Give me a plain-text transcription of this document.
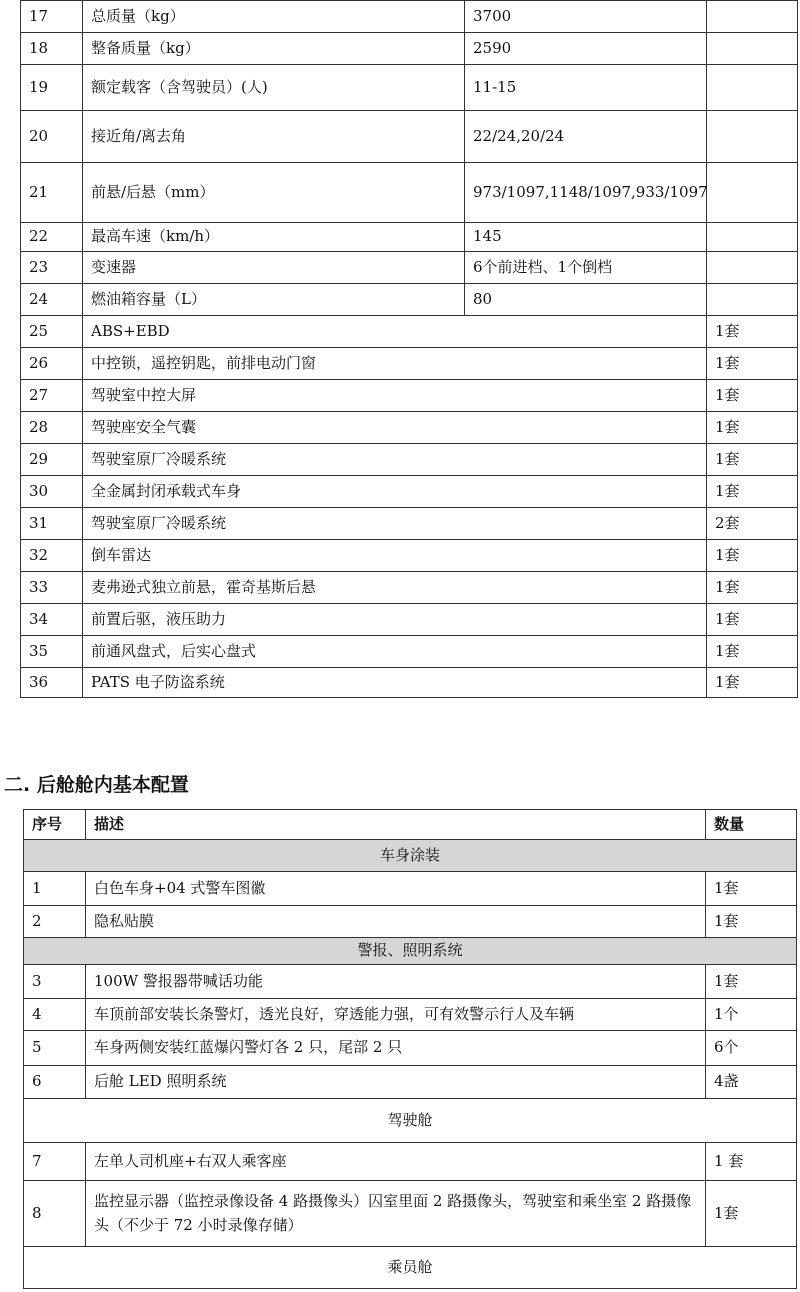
17	总质量（kg）	3700	
18	整备质量（kg）	2590	
19	额定载客（含驾驶员）(人)	11-15	
20	接近角/离去角	22/24,20/24	
21	前悬/后悬（mm）	973/1097,1148/1097,933/1097	
22	最高车速（km/h）	145	
23	变速器	6个前进档、1个倒档	
24	燃油箱容量（L）	80	
25	ABS+EBD		1套
26	中控锁，遥控钥匙，前排电动门窗		1套
27	驾驶室中控大屏		1套
28	驾驶座安全气囊		1套
29	驾驶室原厂冷暖系统		1套
30	全金属封闭承载式车身		1套
31	驾驶室原厂冷暖系统		2套
32	倒车雷达		1套
33	麦弗逊式独立前悬，霍奇基斯后悬		1套
34	前置后驱，液压助力		1套
35	前通风盘式，后实心盘式		1套
36	PATS 电子防盗系统		1套
二. 后舱舱内基本配置
序号	描述	数量
车身涂装		
1	白色车身+04 式警车图徽	1套
2	隐私贴膜	1套
警报、照明系统		
3	100W 警报器带喊话功能	1套
4	车顶前部安装长条警灯，透光良好，穿透能力强，可有效警示行人及车辆	1个
5	车身两侧安装红蓝爆闪警灯各 2 只，尾部 2 只	6个
6	后舱 LED 照明系统	4盏
驾驶舱		
7	左单人司机座+右双人乘客座	1 套
8	监控显示器（监控录像设备 4 路摄像头）囚室里面 2 路摄像头，驾驶室和乘坐室 2 路摄像头（不少于 72 小时录像存储）	1套
乘员舱		
